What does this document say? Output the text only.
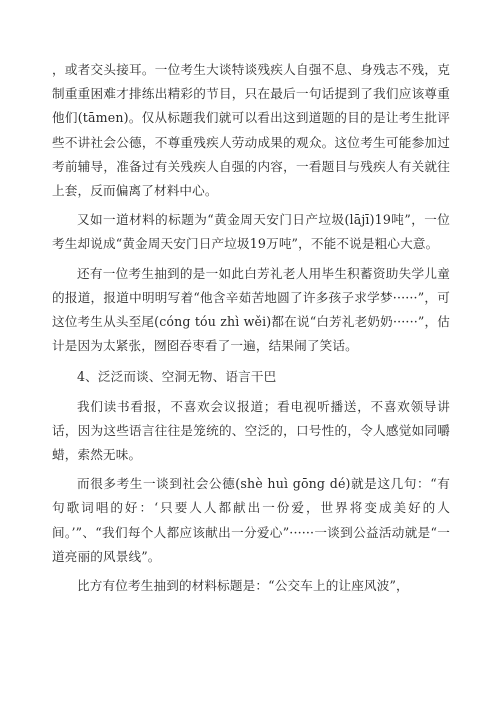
，或者交头接耳。一位考生大谈特谈残疾人自强不息、身残志不残，克制重重困难才排练出精彩的节目，只在最后一句话提到了我们应该尊重他们(tāmen)。仅从标题我们就可以看出这到道题的目的是让考生批评些不讲社会公德，不尊重残疾人劳动成果的观众。这位考生可能参加过考前辅导，准备过有关残疾人自强的内容，一看题目与残疾人有关就往上套，反而偏离了材料中心。

又如一道材料的标题为“黄金周天安门日产垃圾(lājī)19吨”，一位考生却说成“黄金周天安门日产垃圾19万吨”，不能不说是粗心大意。

还有一位考生抽到的是一如此白芳礼老人用毕生积蓄资助失学儿童的报道，报道中明明写着“他含辛茹苦地圆了许多孩子求学梦······”，可这位考生从头至尾(cóng tóu zhì wěi)都在说“白芳礼老奶奶······”，估计是因为太紧张，囫囵吞枣看了一遍，结果闹了笑话。

4、泛泛而谈、空洞无物、语言干巴

我们读书看报，不喜欢会议报道；看电视听播送，不喜欢领导讲话，因为这些语言往往是笼统的、空泛的，口号性的，令人感觉如同嚼蜡，索然无味。

而很多考生一谈到社会公德(shè huì gōng dé)就是这几句：“有句歌词唱的好：‘只要人人都献出一份爱，世界将变成美好的人间。’”、“我们每个人都应该献出一分爱心”······一谈到公益活动就是“一道亮丽的风景线”。

比方有位考生抽到的材料标题是：“公交车上的让座风波”，
